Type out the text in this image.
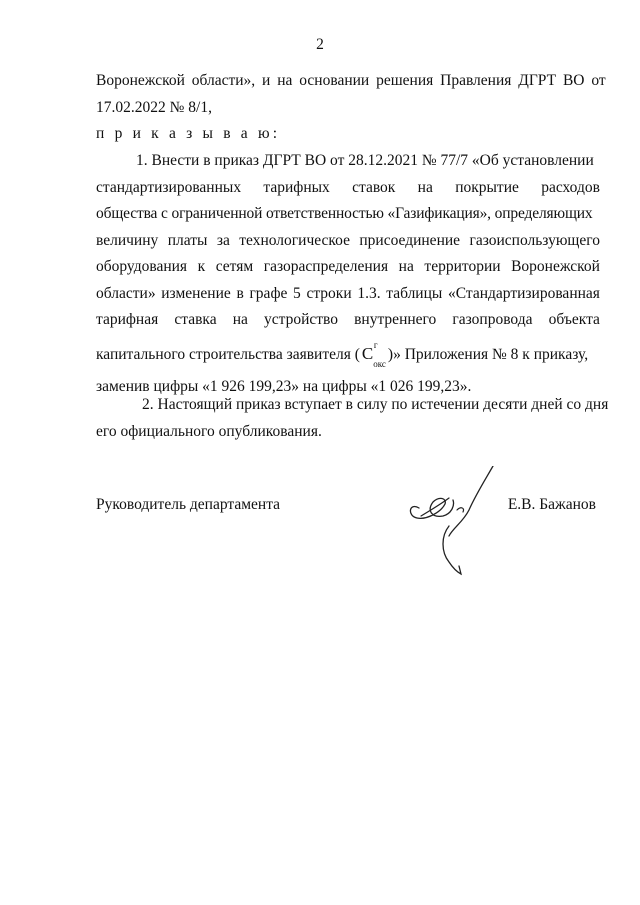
2
Воронежской области», и на основании решения Правления ДГРТ ВО от
17.02.2022 № 8/1,
п р и к а з ы в а ю:
1. Внести в приказ ДГРТ ВО от 28.12.2021 № 77/7 «Об установлении
стандартизированных тарифных ставок на покрытие расходов
общества с ограниченной ответственностью «Газификация», определяющих
величину платы за технологическое присоединение газоиспользующего
оборудования к сетям газораспределения на территории Воронежской
области» изменение в графе 5 строки 1.3. таблицы «Стандартизированная
тарифная ставка на устройство внутреннего газопровода объекта
капитального строительства заявителя ( С г
$_{окс}$)» Приложения № 8 к приказу,
заменив цифры «1 926 199,23» на цифры «1 026 199,23».
2. Настоящий приказ вступает в силу по истечении десяти дней со дня
его официального опубликования.
Руководитель департамента	Е.В. Бажанов
